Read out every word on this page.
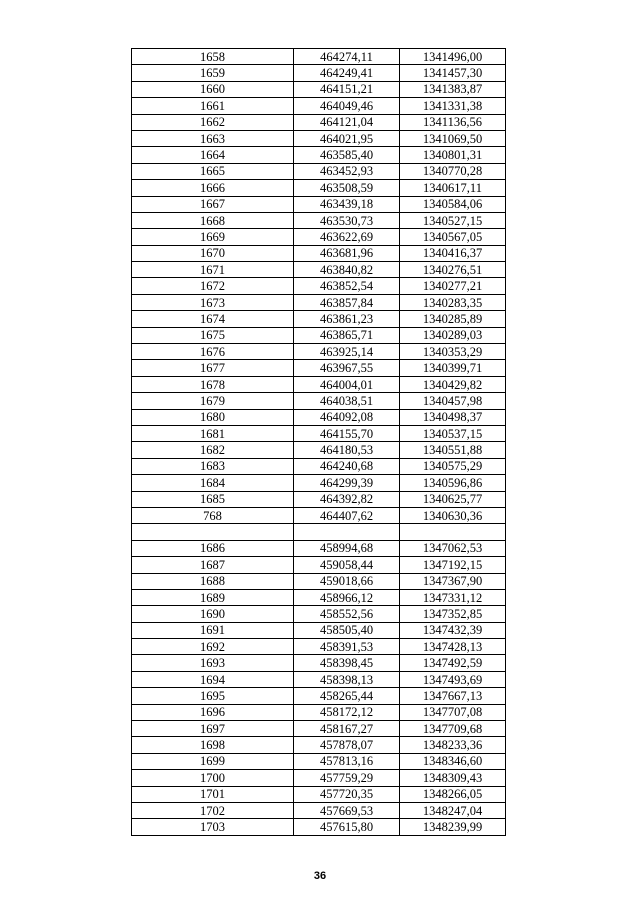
1658	464274,11	1341496,00
1659	464249,41	1341457,30
1660	464151,21	1341383,87
1661	464049,46	1341331,38
1662	464121,04	1341136,56
1663	464021,95	1341069,50
1664	463585,40	1340801,31
1665	463452,93	1340770,28
1666	463508,59	1340617,11
1667	463439,18	1340584,06
1668	463530,73	1340527,15
1669	463622,69	1340567,05
1670	463681,96	1340416,37
1671	463840,82	1340276,51
1672	463852,54	1340277,21
1673	463857,84	1340283,35
1674	463861,23	1340285,89
1675	463865,71	1340289,03
1676	463925,14	1340353,29
1677	463967,55	1340399,71
1678	464004,01	1340429,82
1679	464038,51	1340457,98
1680	464092,08	1340498,37
1681	464155,70	1340537,15
1682	464180,53	1340551,88
1683	464240,68	1340575,29
1684	464299,39	1340596,86
1685	464392,82	1340625,77
768	464407,62	1340630,36

1686	458994,68	1347062,53
1687	459058,44	1347192,15
1688	459018,66	1347367,90
1689	458966,12	1347331,12
1690	458552,56	1347352,85
1691	458505,40	1347432,39
1692	458391,53	1347428,13
1693	458398,45	1347492,59
1694	458398,13	1347493,69
1695	458265,44	1347667,13
1696	458172,12	1347707,08
1697	458167,27	1347709,68
1698	457878,07	1348233,36
1699	457813,16	1348346,60
1700	457759,29	1348309,43
1701	457720,35	1348266,05
1702	457669,53	1348247,04
1703	457615,80	1348239,99
36
